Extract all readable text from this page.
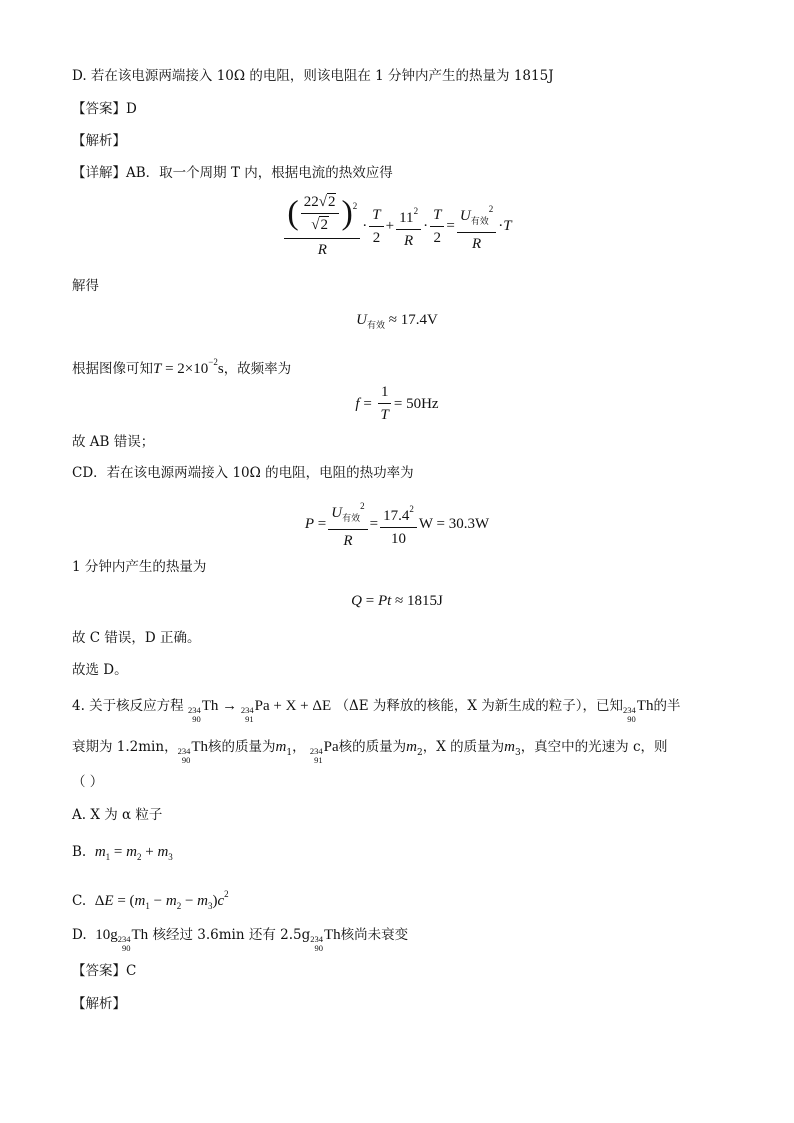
D. 若在该电源两端接入 10Ω 的电阻，则该电阻在 1 分钟内产生的热量为 1815J
【答案】D
【解析】
【详解】AB．取一个周期 T 内，根据电流的热效应得
$\frac{( \frac{22√2}{√2} )^2}{R} \cdot \frac{T}{2} + \frac{11^2}{R} \cdot \frac{T}{2} = \frac{U_{有效}^2}{R} \cdot T$
解得
$U_{有效} \approx 17.4V$
根据图像可知$T = 2\times 10^{-2}s$，故频率为
$f = \frac{1}{T} = 50Hz$
故 AB 错误；
CD．若在该电源两端接入 10Ω 的电阻，电阻的热功率为
$P = \frac{U_{有效}^2}{R} = \frac{17.4^2}{10}$ W = 30.3W
1 分钟内产生的热量为
Q = Pt ≈ 1815J
故 C 错误，D 正确。
故选 D。
4. 关于核反应方程 234
90
Th → 234
91
Pa + X + ΔE （ΔE 为释放的核能，X 为新生成的粒子），已知 234
90
Th的半
衰期为 1.2min， 234
90
Th核的质量为$m_1$， 234
91
Pa核的质量为$m_2$，X 的质量为$m_3$，真空中的光速为 c，则
（ ）
A. X 为 α 粒子
B. $m_1 = m_2 + m_3$
C. $\Delta E = (m_1 - m_2 - m_3)c^2$
D. 10g 234
90
Th 核经过 3.6min 还有 2.5g 234
90
Th核尚未衰变
【答案】C
【解析】
